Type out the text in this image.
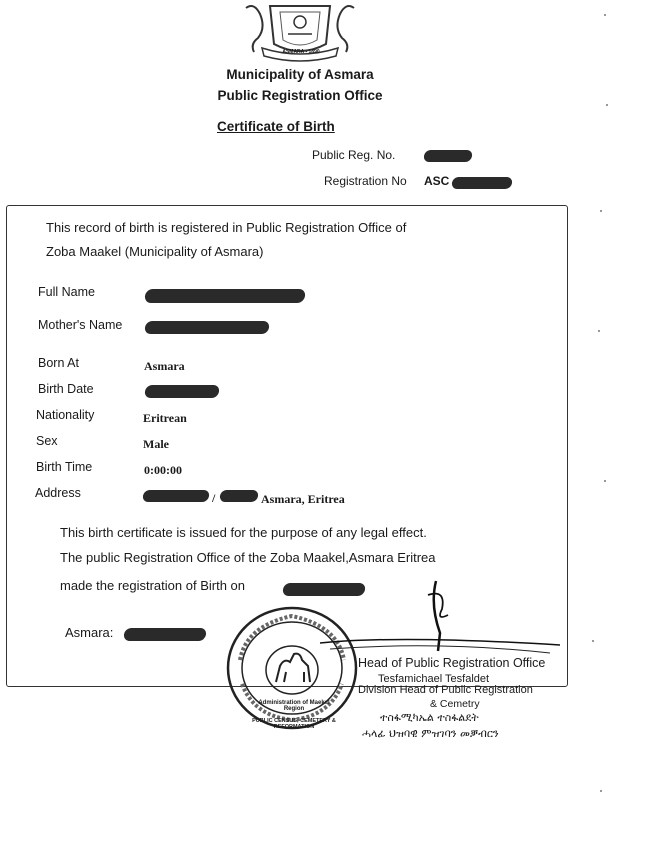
ASMARA - 1890
Municipality of Asmara
Public Registration Office
Certificate of Birth
Public Reg. No.
Registration No ASC
This record of birth is registered in Public Registration Office of
Zoba Maakel (Municipality of Asmara)
Full Name
Mother's Name
Born At	Asmara
Birth Date
Nationality	Eritrean
Sex	Male
Birth Time	0:00:00
Address	/	Asmara, Eritrea
This birth certificate is issued for the purpose of any legal effect.
The public Registration Office of the Zoba Maakel,Asmara Eritrea
made the registration of Birth on
Asmara:
Administration of Maekel Region
PUBLIC CENSUS, CEMETERY & REFORMATION
Head of Public Registration Office
Tesfamichael Tesfaldet
Division Head of Public Registration
& Cemetry
ተስፋሚካኤል ተስፋልደት
ሓላፊ ህዝባዊ ምዝገባን መቓብርን
